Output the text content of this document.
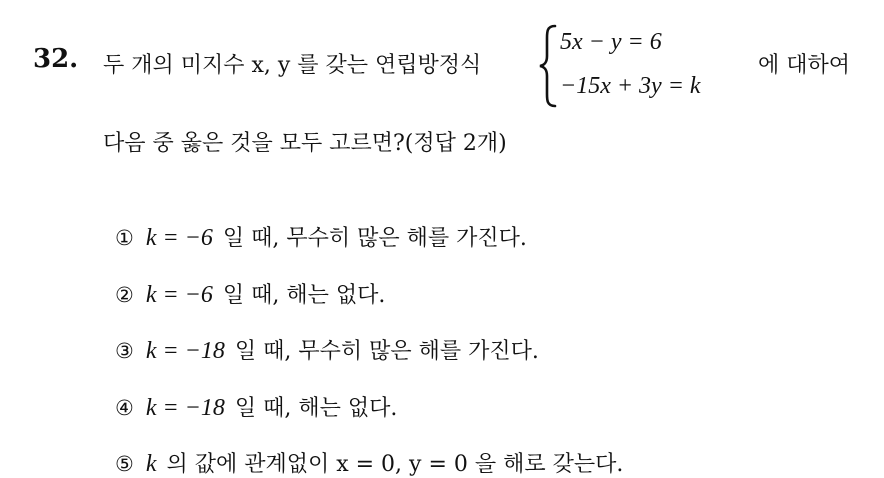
32. 두 개의 미지수 x, y 를 갖는 연립방정식
5x − y = 6
−15x + 3y = k
에 대하여
다음 중 옳은 것을 모두 고르면?(정답 2개)
① k = −6 일 때, 무수히 많은 해를 가진다.
② k = −6 일 때, 해는 없다.
③ k = −18 일 때, 무수히 많은 해를 가진다.
④ k = −18 일 때, 해는 없다.
⑤ k 의 값에 관계없이 x = 0, y = 0 을 해로 갖는다.
